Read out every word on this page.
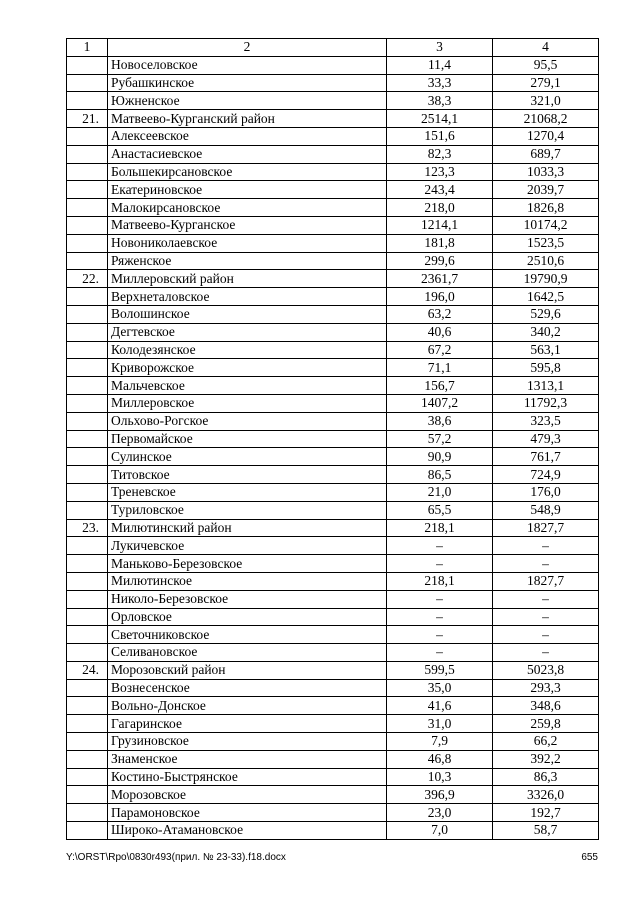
1	2	3	4
	Новоселовское	11,4	95,5
	Рубашкинское	33,3	279,1
	Южненское	38,3	321,0
21.	Матвеево-Курганский район	2514,1	21068,2
	Алексеевское	151,6	1270,4
	Анастасиевское	82,3	689,7
	Большекирсановское	123,3	1033,3
	Екатериновское	243,4	2039,7
	Малокирсановское	218,0	1826,8
	Матвеево-Курганское	1214,1	10174,2
	Новониколаевское	181,8	1523,5
	Ряженское	299,6	2510,6
22.	Миллеровский район	2361,7	19790,9
	Верхнеталовское	196,0	1642,5
	Волошинское	63,2	529,6
	Дегтевское	40,6	340,2
	Колодезянское	67,2	563,1
	Криворожское	71,1	595,8
	Мальчевское	156,7	1313,1
	Миллеровское	1407,2	11792,3
	Ольхово-Рогское	38,6	323,5
	Первомайское	57,2	479,3
	Сулинское	90,9	761,7
	Титовское	86,5	724,9
	Треневское	21,0	176,0
	Туриловское	65,5	548,9
23.	Милютинский район	218,1	1827,7
	Лукичевское	–	–
	Маньково-Березовское	–	–
	Милютинское	218,1	1827,7
	Николо-Березовское	–	–
	Орловское	–	–
	Светочниковское	–	–
	Селивановское	–	–
24.	Морозовский район	599,5	5023,8
	Вознесенское	35,0	293,3
	Вольно-Донское	41,6	348,6
	Гагаринское	31,0	259,8
	Грузиновское	7,9	66,2
	Знаменское	46,8	392,2
	Костино-Быстрянское	10,3	86,3
	Морозовское	396,9	3326,0
	Парамоновское	23,0	192,7
	Широко-Атамановское	7,0	58,7
Y:\ORST\Rpo\0830r493(прил. № 23-33).f18.docx	655
